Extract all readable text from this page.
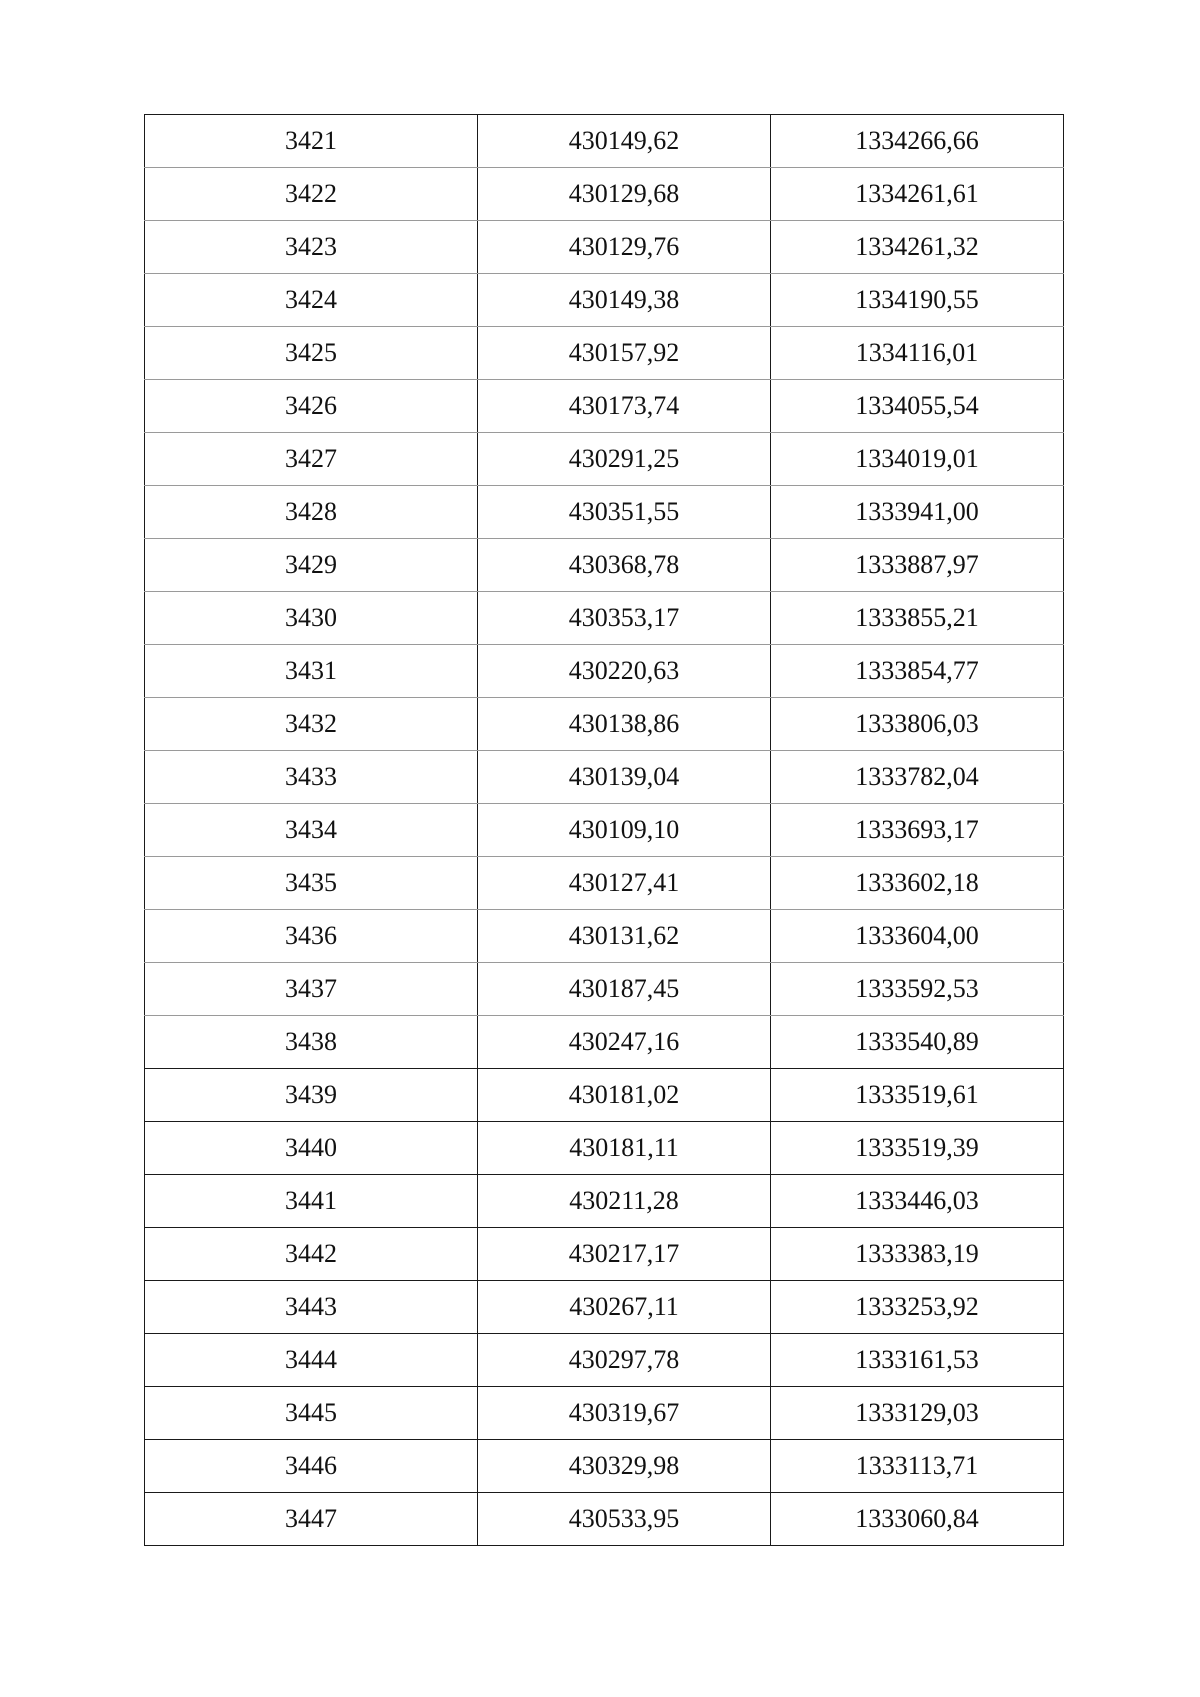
3421	430149,62	1334266,66
3422	430129,68	1334261,61
3423	430129,76	1334261,32
3424	430149,38	1334190,55
3425	430157,92	1334116,01
3426	430173,74	1334055,54
3427	430291,25	1334019,01
3428	430351,55	1333941,00
3429	430368,78	1333887,97
3430	430353,17	1333855,21
3431	430220,63	1333854,77
3432	430138,86	1333806,03
3433	430139,04	1333782,04
3434	430109,10	1333693,17
3435	430127,41	1333602,18
3436	430131,62	1333604,00
3437	430187,45	1333592,53
3438	430247,16	1333540,89
3439	430181,02	1333519,61
3440	430181,11	1333519,39
3441	430211,28	1333446,03
3442	430217,17	1333383,19
3443	430267,11	1333253,92
3444	430297,78	1333161,53
3445	430319,67	1333129,03
3446	430329,98	1333113,71
3447	430533,95	1333060,84
